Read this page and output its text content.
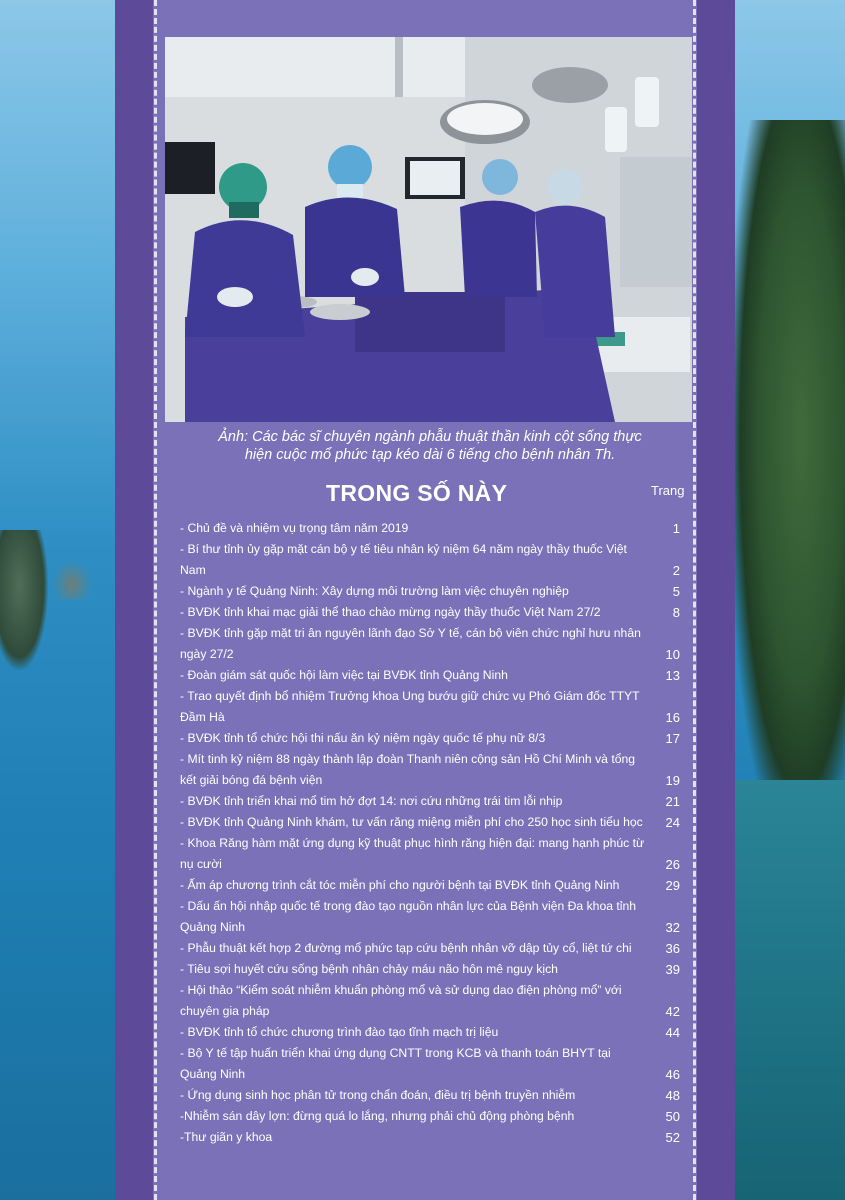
Ảnh: Các bác sĩ chuyên ngành phẫu thuật thần kinh cột sống thực
hiện cuộc mổ phức tạp kéo dài 6 tiếng cho bệnh nhân Th.
TRONG SỐ NÀY	Trang
- Chủ đề và nhiệm vụ trọng tâm năm 2019	1
- Bí thư tỉnh ủy gặp mặt cán bộ y tế tiêu nhân kỷ niệm 64 năm ngày thầy thuốc Việt
Nam	2
- Ngành y tế Quảng Ninh: Xây dựng môi trường làm việc chuyên nghiệp	5
- BVĐK tỉnh khai mạc giải thể thao chào mừng ngày thầy thuốc Việt Nam 27/2	8
- BVĐK tỉnh gặp mặt tri ân nguyên lãnh đạo Sở Y tế, cán bộ viên chức nghỉ hưu nhân
ngày 27/2	10
- Đoàn giám sát quốc hội làm việc tại BVĐK tỉnh Quảng Ninh	13
- Trao quyết định bổ nhiệm Trưởng khoa Ung bướu giữ chức vụ Phó Giám đốc TTYT
Đầm Hà	16
- BVĐK tỉnh tổ chức hội thi nấu ăn kỷ niệm ngày quốc tế phụ nữ 8/3	17
- Mít tinh kỷ niệm 88 ngày thành lập đoàn Thanh niên cộng sản Hồ Chí Minh và tổng
kết giải bóng đá bệnh viện	19
- BVĐK tỉnh triển khai mổ tim hở đợt 14: nơi cứu những trái tim lỗi nhịp	21
- BVĐK tỉnh Quảng Ninh khám, tư vấn răng miệng miễn phí cho 250 học sinh tiểu học	24
- Khoa Răng hàm mặt ứng dụng kỹ thuật phục hình răng hiện đại: mang hạnh phúc từ
nụ cười	26
- Ấm áp chương trình cắt tóc miễn phí cho người bệnh tại BVĐK tỉnh Quảng Ninh	29
- Dấu ấn hội nhập quốc tế trong đào tạo nguồn nhân lực của Bệnh viện Đa khoa tỉnh
Quảng Ninh	32
- Phẫu thuật kết hợp 2 đường mổ phức tạp cứu bệnh nhân vỡ dập tủy cổ, liệt tứ chi	36
- Tiêu sợi huyết cứu sống bệnh nhân chảy máu não hôn mê nguy kịch	39
- Hội thảo “Kiểm soát nhiễm khuẩn phòng mổ và sử dụng dao điện phòng mổ” với
chuyên gia pháp	42
- BVĐK tỉnh tổ chức chương trình đào tạo tĩnh mạch trị liệu	44
- Bộ Y tế tập huấn triển khai ứng dụng CNTT trong KCB và thanh toán BHYT tại
Quảng Ninh	46
- Ứng dụng sinh học phân tử trong chẩn đoán, điều trị bệnh truyền nhiễm	48
-Nhiễm sán dây lợn: đừng quá lo lắng, nhưng phải chủ động phòng bệnh	50
-Thư giãn y khoa	52
